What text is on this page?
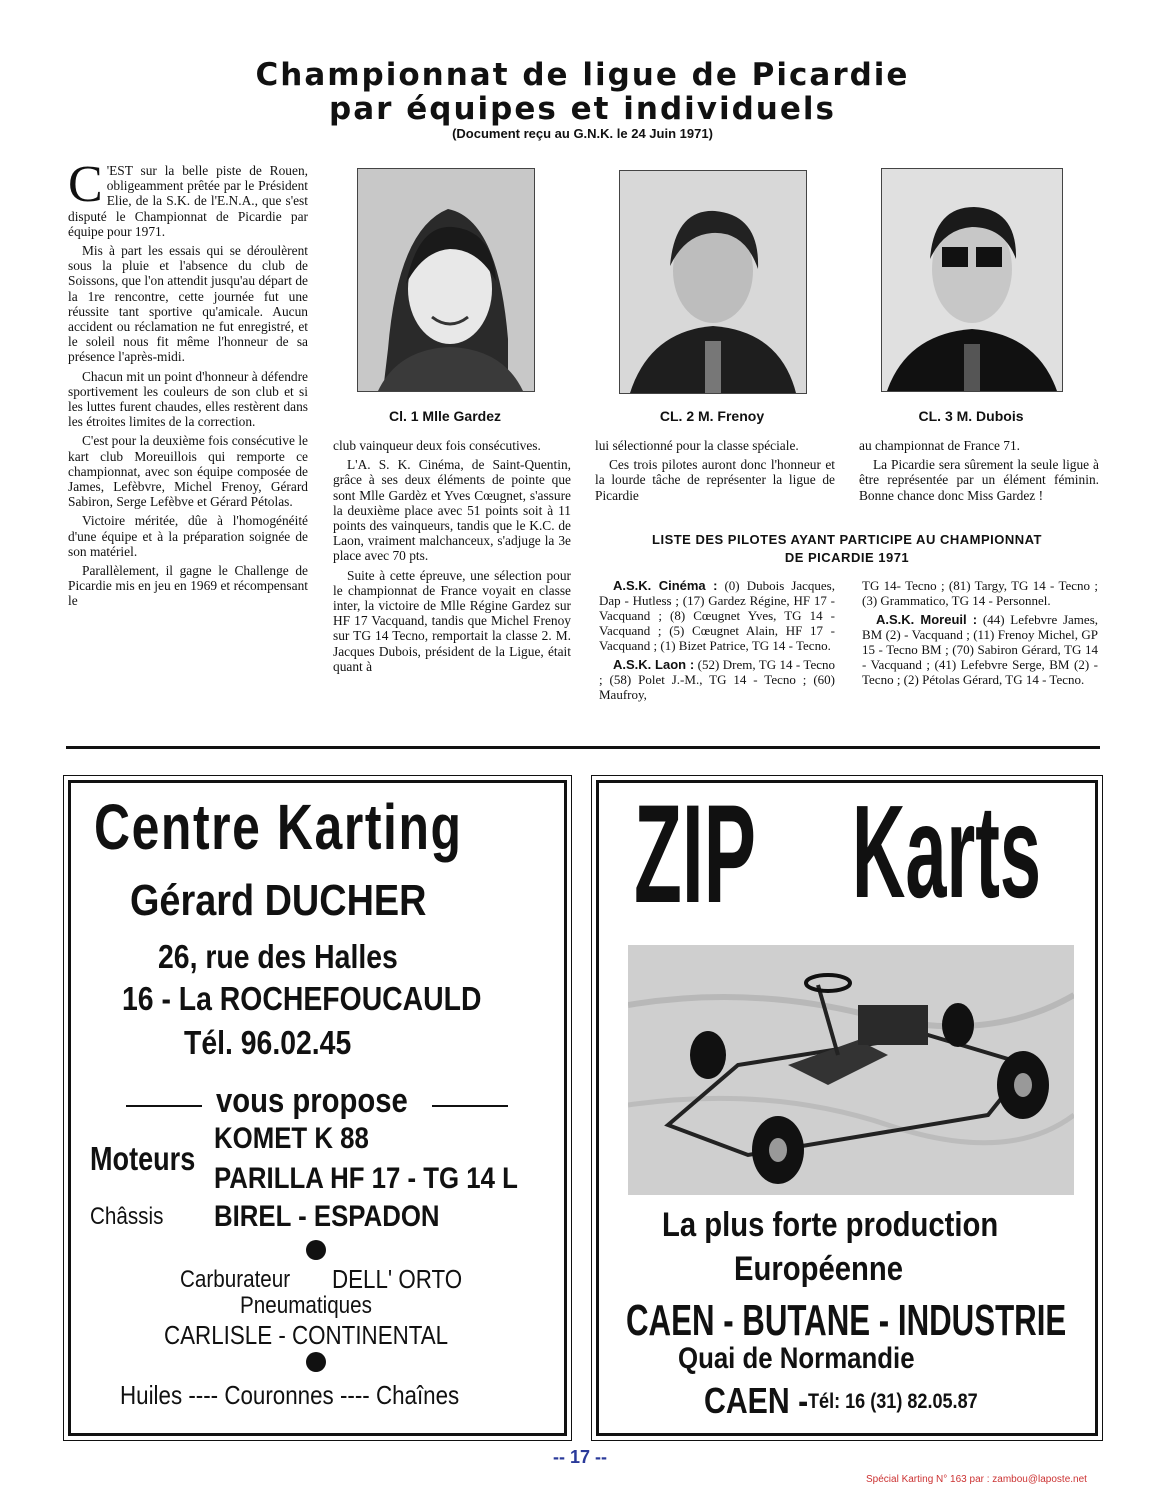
Championnat de ligue de Picardie
par équipes et individuels
(Document reçu au G.N.K. le 24 Juin 1971)

C 'EST sur la belle piste de Rouen, obligeamment prêtée par le Président Elie, de la S.K. de l'E.N.A., que s'est disputé le Championnat de Picardie par équipe pour 1971.

Mis à part les essais qui se déroulèrent sous la pluie et l'absence du club de Soissons, que l'on attendit jusqu'au départ de la 1re rencontre, cette journée fut une réussite tant sportive qu'amicale. Aucun accident ou réclamation ne fut enregistré, et le soleil nous fit même l'honneur de sa présence l'après-midi.

Chacun mit un point d'honneur à défendre sportivement les couleurs de son club et si les luttes furent chaudes, elles restèrent dans les étroites limites de la correction.

C'est pour la deuxième fois consécutive le kart club Moreuillois qui remporte ce championnat, avec son équipe composée de James, Lefèbvre, Michel Frenoy, Gérard Sabiron, Serge Lefèbve et Gérard Pétolas.

Victoire méritée, dûe à l'homogénéité d'une équipe et à la préparation soignée de son matériel.

Parallèlement, il gagne le Challenge de Picardie mis en jeu en 1969 et récompensant le

Cl. 1 Mlle Gardez	CL. 2 M. Frenoy	CL. 3 M. Dubois

club vainqueur deux fois consécutives.

L'A. S. K. Cinéma, de Saint-Quentin, grâce à ses deux éléments de pointe que sont Mlle Gardèz et Yves Cœugnet, s'assure la deuxième place avec 51 points soit à 11 points des vainqueurs, tandis que le K.C. de Laon, vraiment malchanceux, s'adjuge la 3e place avec 70 pts.

Suite à cette épreuve, une sélection pour le championnat de France voyait en classe inter, la victoire de Mlle Régine Gardez sur HF 17 Vacquand, tandis que Michel Frenoy sur TG 14 Tecno, remportait la classe 2. M. Jacques Dubois, président de la Ligue, était quant à

lui sélectionné pour la classe spéciale.

Ces trois pilotes auront donc l'honneur et la lourde tâche de représenter la ligue de Picardie

au championnat de France 71.

La Picardie sera sûrement la seule ligue à être représentée par un élément féminin. Bonne chance donc Miss Gardez !

LISTE DES PILOTES AYANT PARTICIPE AU CHAMPIONNAT
DE PICARDIE 1971

A.S.K. Cinéma : (0) Dubois Jacques, Dap - Hutless ; (17) Gardez Régine, HF 17 - Vacquand ; (8) Cœugnet Yves, TG 14 - Vacquand ; (5) Cœugnet Alain, HF 17 - Vacquand ; (1) Bizet Patrice, TG 14 - Tecno.

A.S.K. Laon : (52) Drem, TG 14 - Tecno ; (58) Polet J.-M., TG 14 - Tecno ; (60) Maufroy,

TG 14- Tecno ; (81) Targy, TG 14 - Tecno ; (3) Grammatico, TG 14 - Personnel.

A.S.K. Moreuil : (44) Lefebvre James, BM (2) - Vacquand ; (11) Frenoy Michel, GP 15 - Tecno BM ; (70) Sabiron Gérard, TG 14 - Vacquand ; (41) Lefebvre Serge, BM (2) - Tecno ; (2) Pétolas Gérard, TG 14 - Tecno.

Centre Karting
Gérard DUCHER
26, rue des Halles
16 - La ROCHEFOUCAULD
Tél. 96.02.45
vous propose
Moteurs
KOMET K 88
PARILLA HF 17 - TG 14 L
Châssis BIREL - ESPADON
Carburateur DELL' ORTO
Pneumatiques
CARLISLE - CONTINENTAL
Huiles ---- Couronnes ---- Chaînes
ZIP Karts
La plus forte production
Européenne
CAEN - BUTANE - INDUSTRIE
Quai de Normandie
CAEN - Tél: 16 (31) 82.05.87
-- 17 --
Spécial Karting N° 163 par : zambou@laposte.net
